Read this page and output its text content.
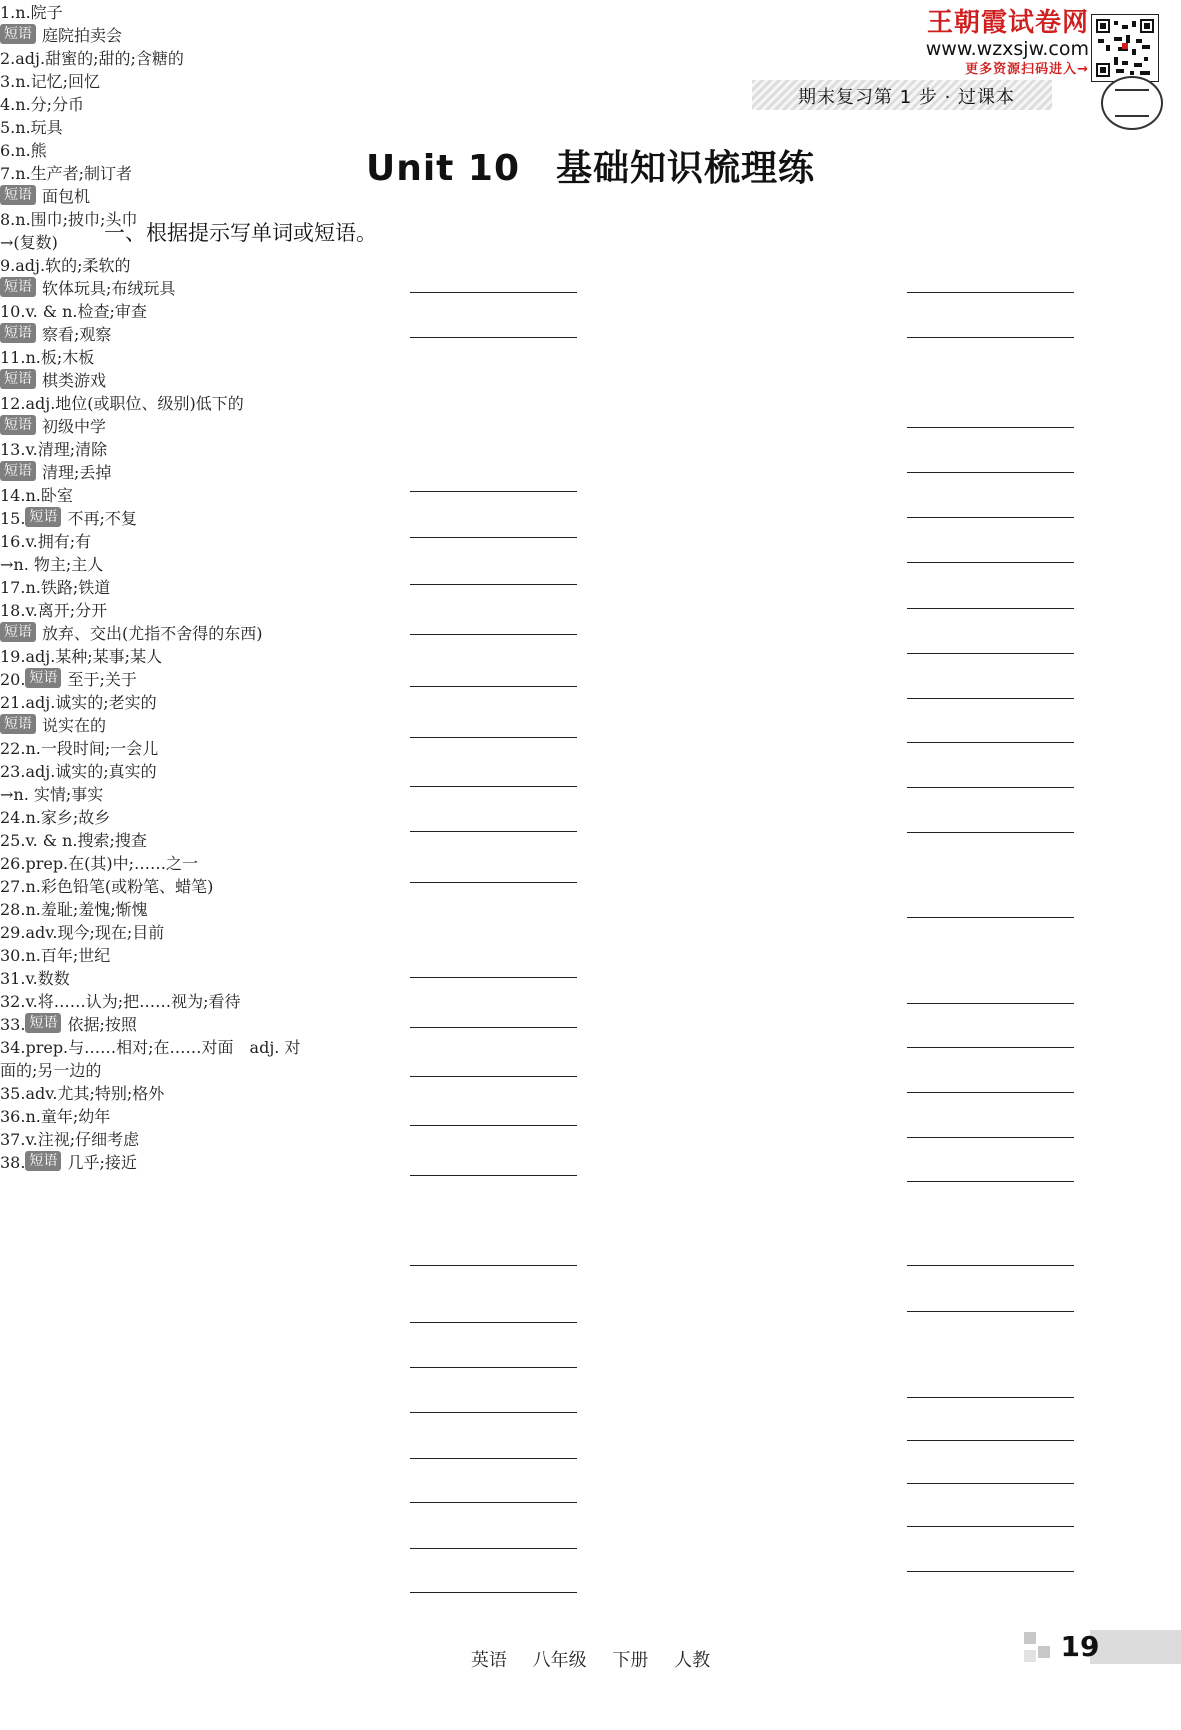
王朝霞试卷网
www.wzxsjw.com
更多资源扫码进入→
期末复习第 1 步 · 过课本
Unit 10 基础知识梳理练
一、根据提示写单词或短语。
1.n.院子
短语 庭院拍卖会
2.adj.甜蜜的;甜的;含糖的
3.n.记忆;回忆
4.n.分;分币
5.n.玩具
6.n.熊
7.n.生产者;制订者
短语 面包机
8.n.围巾;披巾;头巾
→(复数)
9.adj.软的;柔软的
短语 软体玩具;布绒玩具
10.v. & n.检查;审查
短语 察看;观察
11.n.板;木板
短语 棋类游戏
12.adj.地位(或职位、级别)低下的
短语 初级中学
13.v.清理;清除
短语 清理;丢掉
14.n.卧室
15. 短语 不再;不复
16.v.拥有;有
→n. 物主;主人
17.n.铁路;铁道
18.v.离开;分开
短语 放弃、交出(尤指不舍得的东西)
19.adj.某种;某事;某人
20. 短语 至于;关于
21.adj.诚实的;老实的
短语 说实在的
22.n.一段时间;一会儿
23.adj.诚实的;真实的
→n. 实情;事实
24.n.家乡;故乡
25.v. & n.搜索;搜查
26.prep.在(其)中;……之一
27.n.彩色铅笔(或粉笔、蜡笔)
28.n.羞耻;羞愧;惭愧
29.adv.现今;现在;目前
30.n.百年;世纪
31.v.数数
32.v.将……认为;把……视为;看待
33. 短语 依据;按照
34.prep.与……相对;在……对面　adj. 对
面的;另一边的
35.adv.尤其;特别;格外
36.n.童年;幼年
37.v.注视;仔细考虑
38. 短语 几乎;接近
英语 八年级 下册 人教	19
